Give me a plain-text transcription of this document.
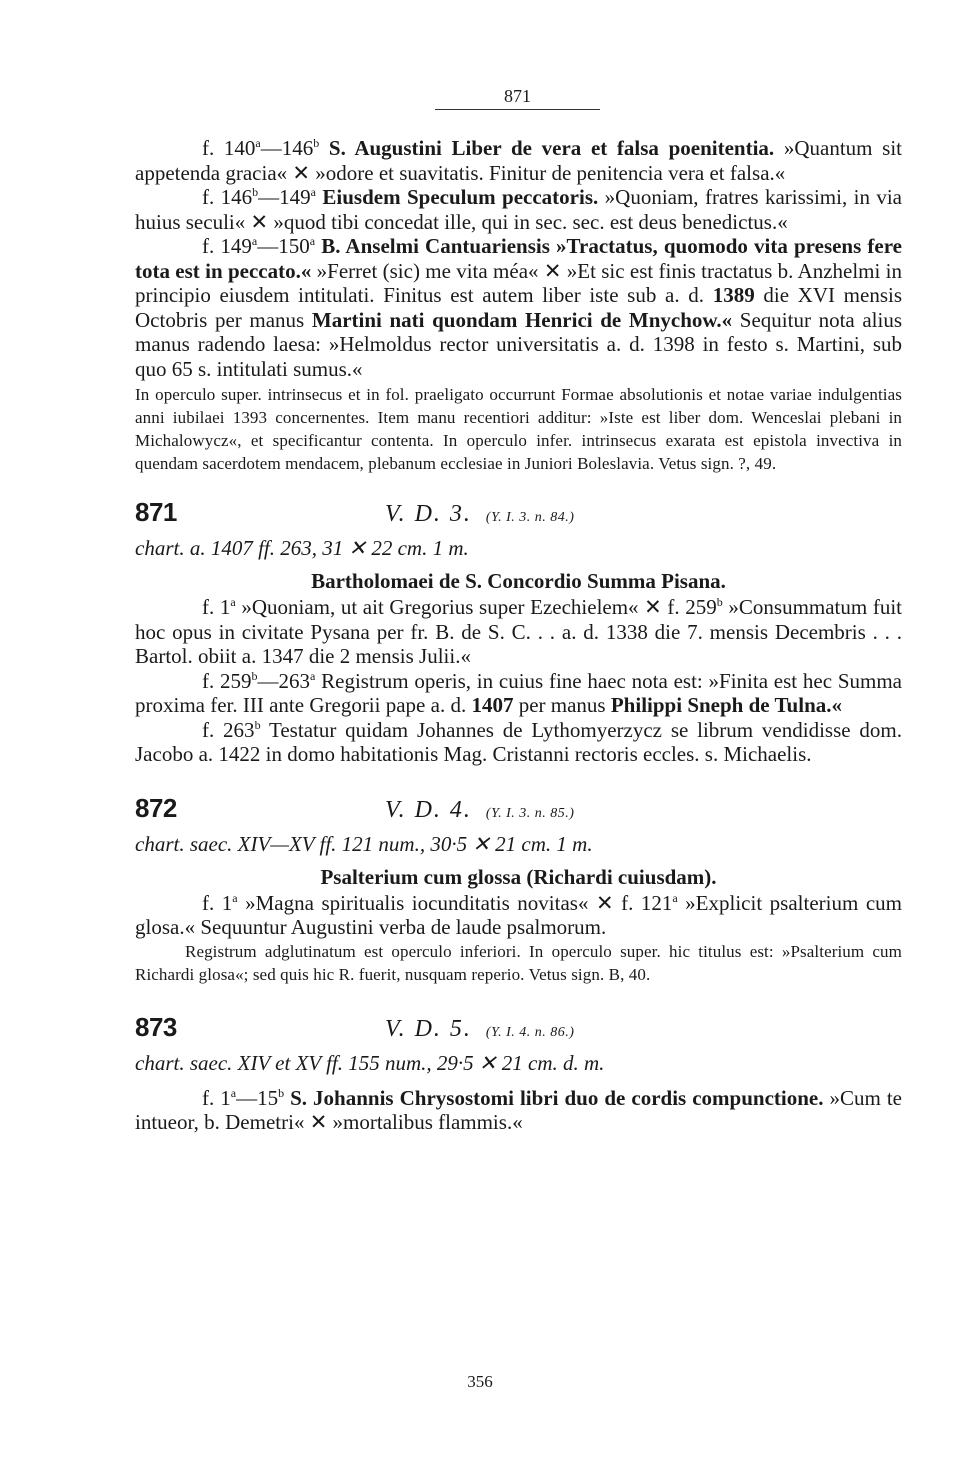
871

f. 140$^a$—146$^b$ S. Augustini Liber de vera et falsa poenitentia. »Quantum sit appetenda gracia« ✕ »odore et suavitatis. Finitur de penitencia vera et falsa.«

f. 146$^b$—149$^a$ Eiusdem Speculum peccatoris. »Quoniam, fratres karissimi, in via huius seculi« ✕ »quod tibi concedat ille, qui in sec. sec. est deus benedictus.«

f. 149$^a$—150$^a$ B. Anselmi Cantuariensis »Tractatus, quomodo vita presens fere tota est in peccato.« »Ferret (sic) me vita méa« ✕ »Et sic est finis tractatus b. Anzhelmi in principio eiusdem intitulati. Finitus est autem liber iste sub a. d. 1389 die XVI mensis Octobris per manus Martini nati quondam Henrici de Mnychow.« Sequitur nota alius manus radendo laesa: »Helmoldus rector universitatis a. d. 1398 in festo s. Martini, sub quo 65 s. intitulati sumus.«

In operculo super. intrinsecus et in fol. praeligato occurrunt Formae absolutionis et notae variae indulgentias anni iubilaei 1393 concernentes. Item manu recentiori additur: »Iste est liber dom. Wenceslai plebani in Michalowycz«, et specificantur contenta. In operculo infer. intrinsecus exarata est epistola invectiva in quendam sacerdotem mendacem, plebanum ecclesiae in Juniori Boleslavia. Vetus sign. ?, 49.

871	V. D. 3. (Y. I. 3. n. 84.)

chart. a. 1407 ff. 263, 31 ✕ 22 cm. 1 m.

Bartholomaei de S. Concordio Summa Pisana.

f. 1$^a$ »Quoniam, ut ait Gregorius super Ezechielem« ✕ f. 259$^b$ »Consummatum fuit hoc opus in civitate Pysana per fr. B. de S. C. . . a. d. 1338 die 7. mensis Decembris . . . Bartol. obiit a. 1347 die 2 mensis Julii.«

f. 259$^b$—263$^a$ Registrum operis, in cuius fine haec nota est: »Finita est hec Summa proxima fer. III ante Gregorii pape a. d. 1407 per manus Philippi Sneph de Tulna.«

f. 263$^b$ Testatur quidam Johannes de Lythomyerzycz se librum vendidisse dom. Jacobo a. 1422 in domo habitationis Mag. Cristanni rectoris eccles. s. Michaelis.

872	V. D. 4. (Y. I. 3. n. 85.)

chart. saec. XIV—XV ff. 121 num., 30·5 ✕ 21 cm. 1 m.

Psalterium cum glossa (Richardi cuiusdam).

f. 1$^a$ »Magna spiritualis iocunditatis novitas« ✕ f. 121$^a$ »Explicit psalterium cum glosa.« Sequuntur Augustini verba de laude psalmorum.

Registrum adglutinatum est operculo inferiori. In operculo super. hic titulus est: »Psalterium cum Richardi glosa«; sed quis hic R. fuerit, nusquam reperio. Vetus sign. B, 40.

873	V. D. 5. (Y. I. 4. n. 86.)

chart. saec. XIV et XV ff. 155 num., 29·5 ✕ 21 cm. d. m.

f. 1$^a$—15$^b$ S. Johannis Chrysostomi libri duo de cordis compunctione. »Cum te intueor, b. Demetri« ✕ »mortalibus flammis.«

356
